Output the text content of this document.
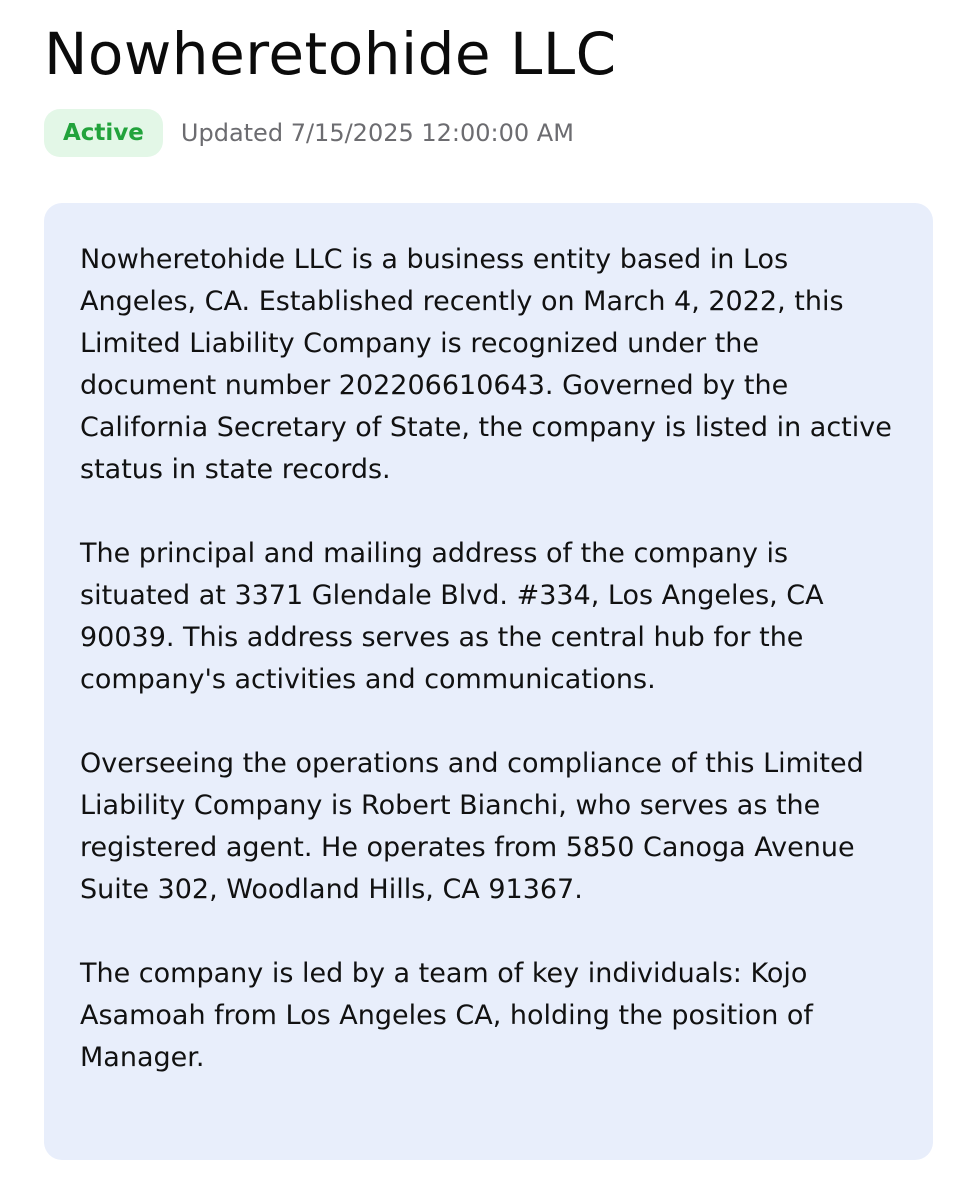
Nowheretohide LLC
Active	Updated 7/15/2025 12:00:00 AM

Nowheretohide LLC is a business entity based in Los Angeles, CA. Established recently on March 4, 2022, this Limited Liability Company is recognized under the document number 202206610643. Governed by the California Secretary of State, the company is listed in active status in state records.

The principal and mailing address of the company is situated at 3371 Glendale Blvd. #334, Los Angeles, CA 90039. This address serves as the central hub for the company's activities and communications.

Overseeing the operations and compliance of this Limited Liability Company is Robert Bianchi, who serves as the registered agent. He operates from 5850 Canoga Avenue Suite 302, Woodland Hills, CA 91367.

The company is led by a team of key individuals: Kojo Asamoah from Los Angeles CA, holding the position of Manager.
